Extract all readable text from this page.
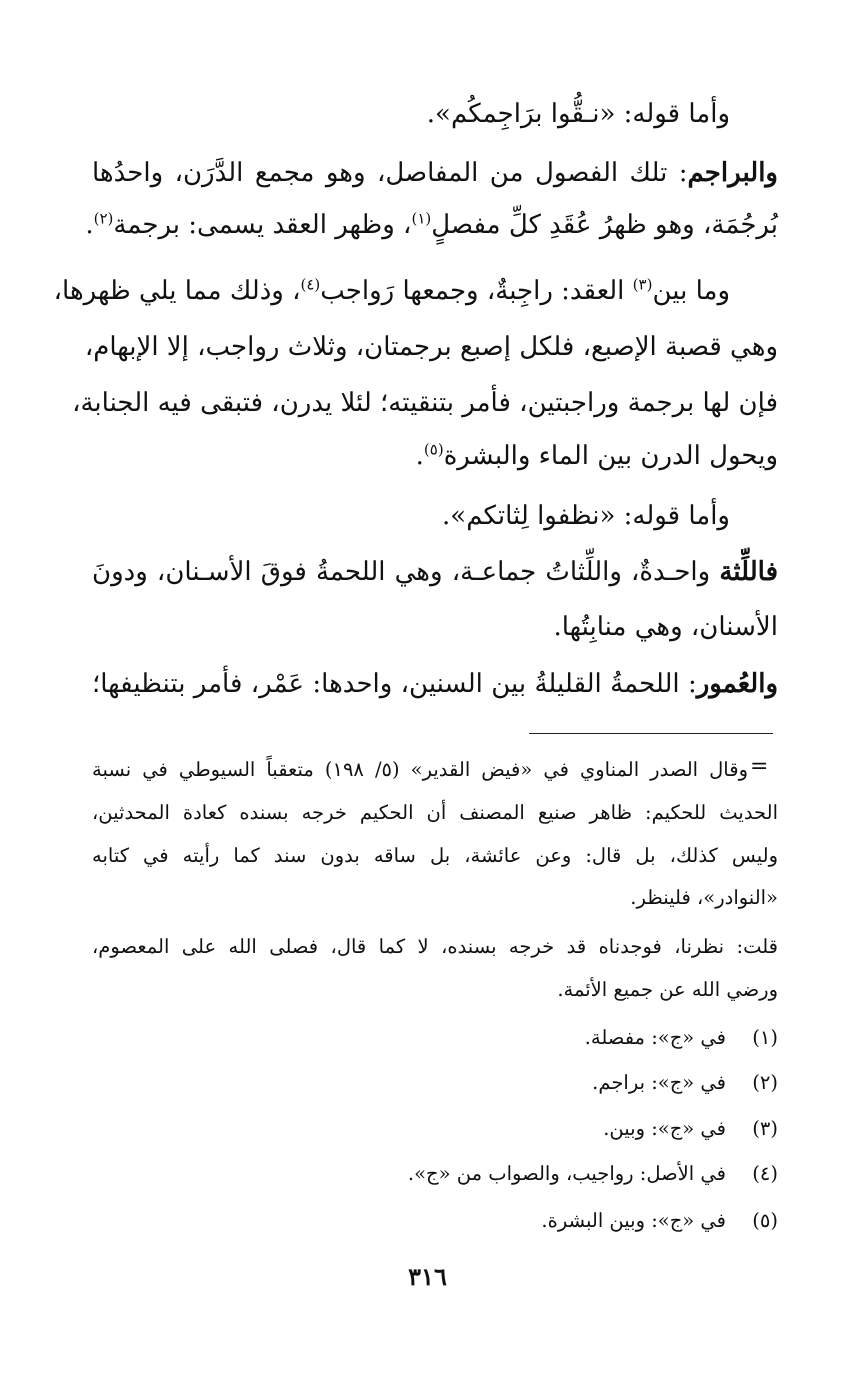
وأما قوله: «نـقُّوا برَاجِمكُم».
والبراجم: تلك الفصول من المفاصل، وهو مجمع الدَّرَن، واحدُها
بُرجُمَة، وهو ظهرُ عُقَدِ كلِّ مفصلٍ$^{(١)}$، وظهر العقد يسمى: برجمة$^{(٢)}$.
وما بين$^{(٣)}$ العقد: راجِبةٌ، وجمعها رَواجب$^{(٤)}$، وذلك مما يلي ظهرها،
وهي قصبة الإصبع، فلكل إصبع برجمتان، وثلاث رواجب، إلا الإبهام،
فإن لها برجمة وراجبتين، فأمر بتنقيته؛ لئلا يدرن، فتبقى فيه الجنابة،
ويحول الدرن بين الماء والبشرة$^{(٥)}$.
وأما قوله: «نظفوا لِثاتكم».
فاللِّثة واحـدةٌ، واللِّثاتُ جماعـة، وهي اللحمةُ فوقَ الأسـنان، ودونَ
الأسنان، وهي منابِتُها.
والعُمور: اللحمةُ القليلةُ بين السنين، واحدها: عَمْر، فأمر بتنظيفها؛
=
وقال الصدر المناوي في «فيض القدير» (٥/ ١٩٨) متعقباً السيوطي في نسبة
الحديث للحكيم: ظاهر صنيع المصنف أن الحكيم خرجه بسنده كعادة المحدثين،
وليس كذلك، بل قال: وعن عائشة، بل ساقه بدون سند كما رأيته في كتابه
«النوادر»، فلينظر.
قلت: نظرنا، فوجدناه قد خرجه بسنده، لا كما قال، فصلى الله على المعصوم،
ورضي الله عن جميع الأئمة.
(١)
في «ج»: مفصلة.
(٢)
في «ج»: براجم.
(٣)
في «ج»: وبين.
(٤)
في الأصل: رواجيب، والصواب من «ج».
(٥)
في «ج»: وبين البشرة.
٣١٦
